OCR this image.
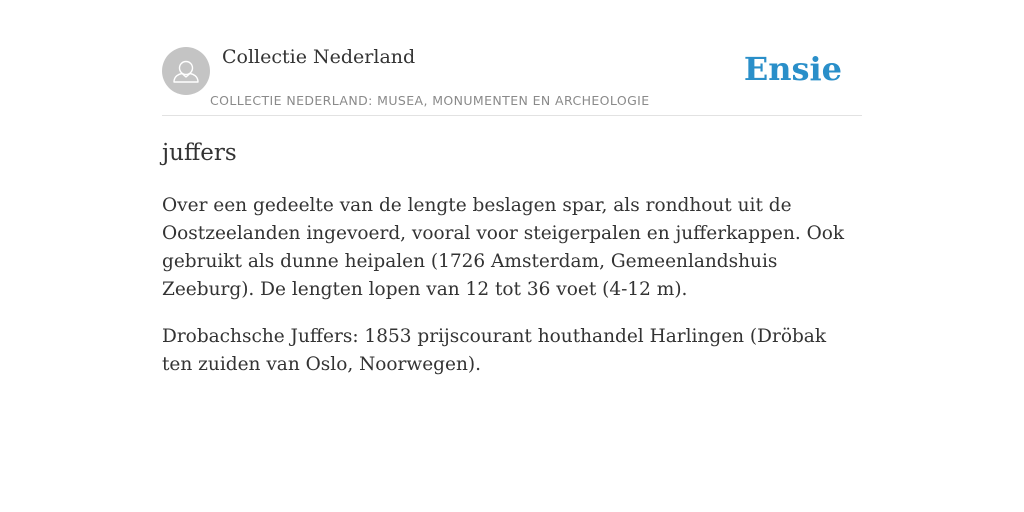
Collectie Nederland
COLLECTIE NEDERLAND: MUSEA, MONUMENTEN EN ARCHEOLOGIE
Ensie
juffers

Over een gedeelte van de lengte beslagen spar, als rondhout uit de Oostzeelanden ingevoerd, vooral voor steigerpalen en jufferkappen. Ook gebruikt als dunne heipalen (1726 Amsterdam, Gemeenlandshuis Zeeburg). De lengten lopen van 12 tot 36 voet (4-12 m).

Drobachsche Juffers: 1853 prijscourant houthandel Harlingen (Dröbak ten zuiden van Oslo, Noorwegen).
